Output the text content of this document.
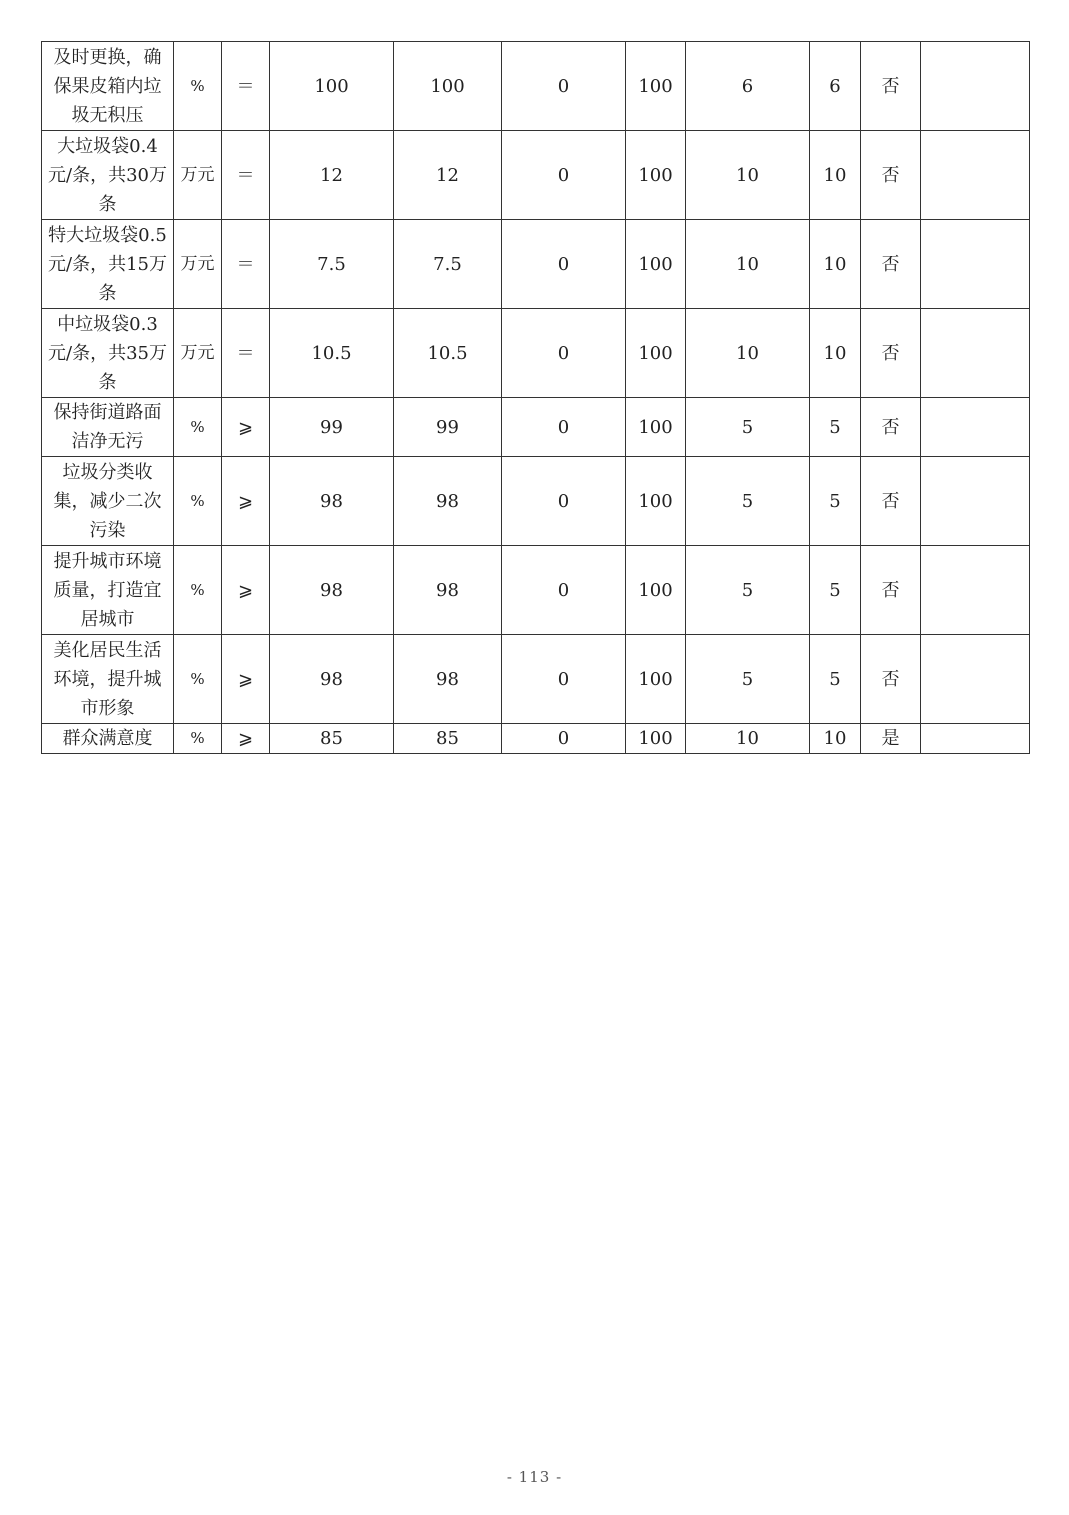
及时更换，确保果皮箱内垃圾无积压	%	＝	100	100	0	100	6	6	否	
大垃圾袋0.4元/条，共30万条	万元	＝	12	12	0	100	10	10	否	
特大垃圾袋0.5元/条，共15万条	万元	＝	7.5	7.5	0	100	10	10	否	
中垃圾袋0.3元/条，共35万条	万元	＝	10.5	10.5	0	100	10	10	否	
保持街道路面洁净无污	%	⩾	99	99	0	100	5	5	否	
垃圾分类收集，减少二次污染	%	⩾	98	98	0	100	5	5	否	
提升城市环境质量，打造宜居城市	%	⩾	98	98	0	100	5	5	否	
美化居民生活环境，提升城市形象	%	⩾	98	98	0	100	5	5	否	
群众满意度	%	⩾	85	85	0	100	10	10	是	
- 113 -
